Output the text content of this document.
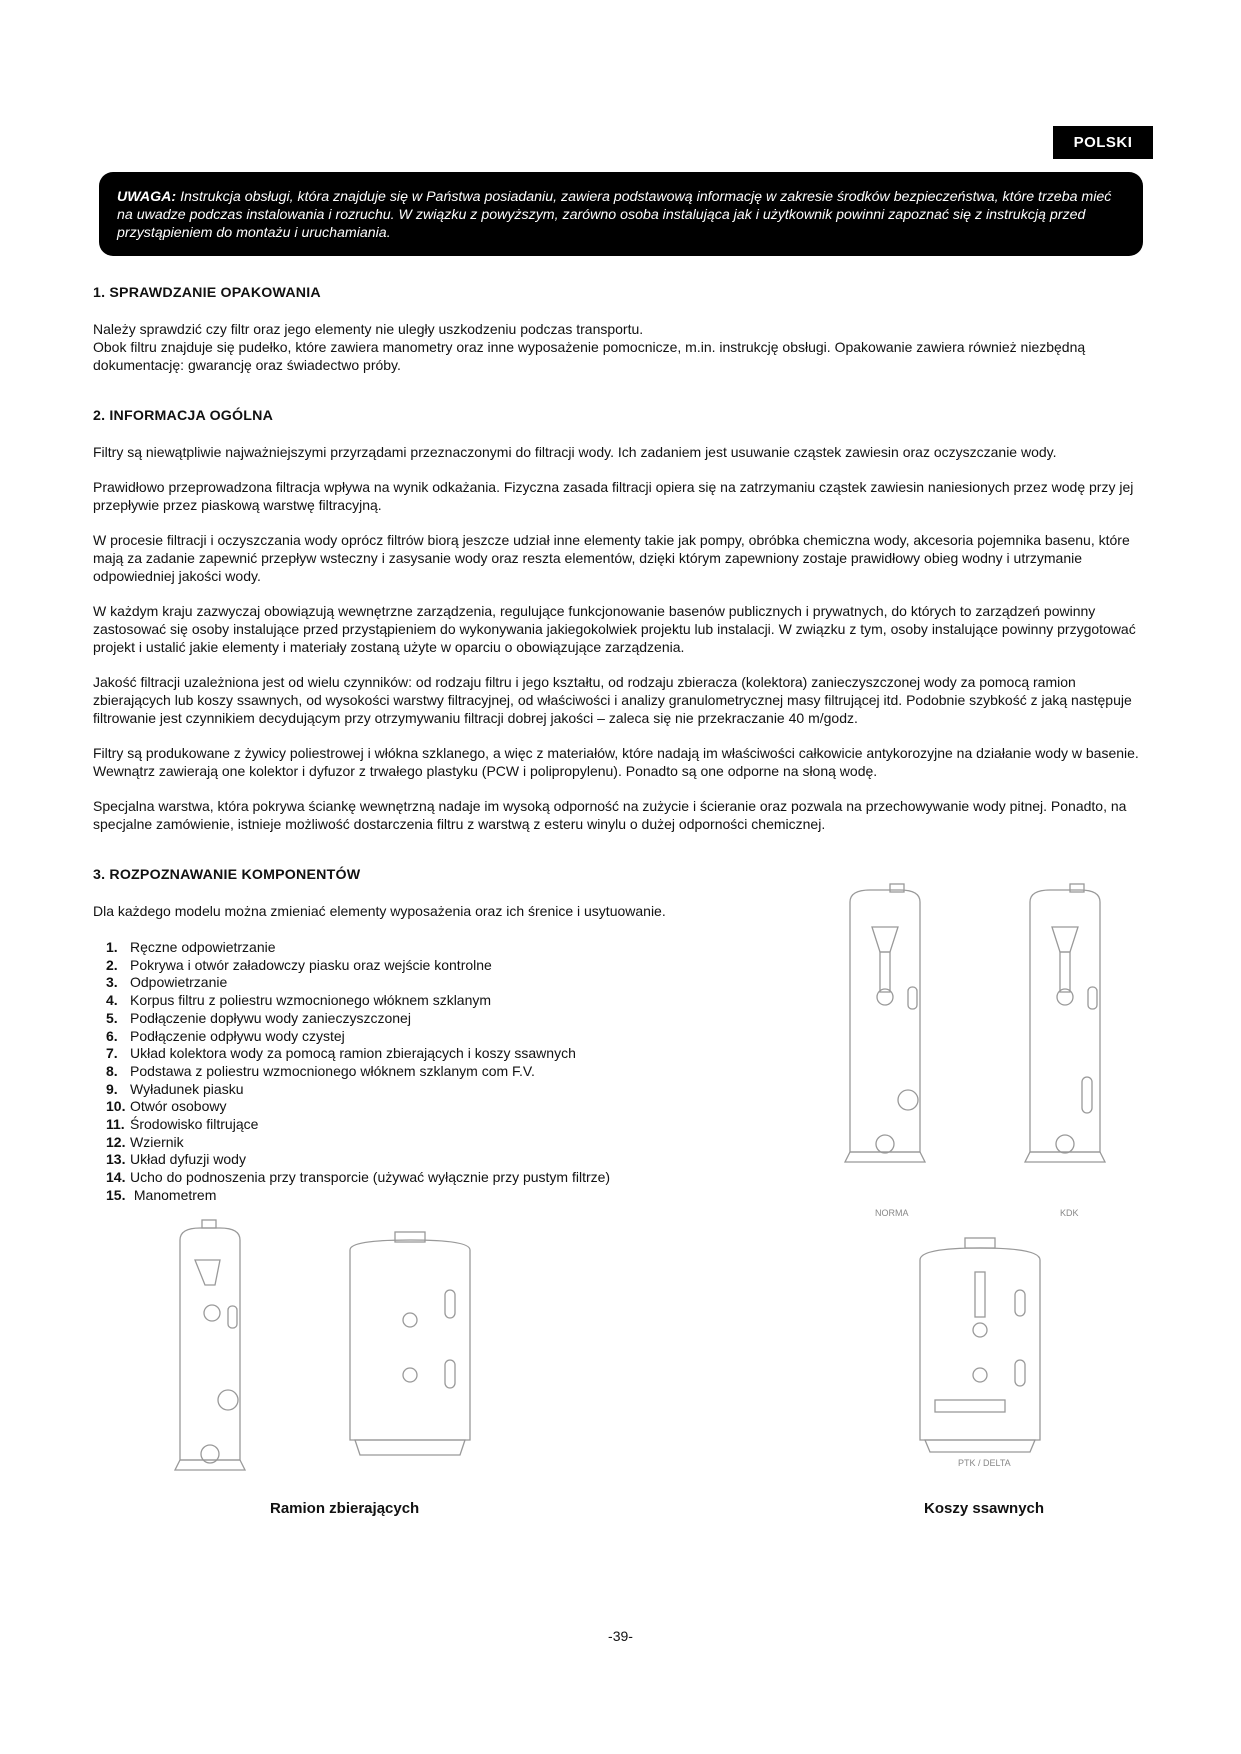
POLSKI
UWAGA: Instrukcja obsługi, która znajduje się w Państwa posiadaniu, zawiera podstawową informację w zakresie środków bezpieczeństwa, które trzeba mieć na uwadze podczas instalowania i rozruchu. W związku z powyższym, zarówno osoba instalująca jak i użytkownik powinni zapoznać się z instrukcją przed przystąpieniem do montażu i uruchamiania.
1. SPRAWDZANIE OPAKOWANIA
Należy sprawdzić czy filtr oraz jego elementy nie uległy uszkodzeniu podczas transportu.
Obok filtru znajduje się pudełko, które zawiera manometry oraz inne wyposażenie pomocnicze, m.in. instrukcję obsługi. Opakowanie zawiera również niezbędną dokumentację: gwarancję oraz świadectwo próby.
2. INFORMACJA OGÓLNA
Filtry są niewątpliwie najważniejszymi przyrządami przeznaczonymi do filtracji wody. Ich zadaniem jest usuwanie cząstek zawiesin oraz oczyszczanie wody.
Prawidłowo przeprowadzona filtracja wpływa na wynik odkażania. Fizyczna zasada filtracji opiera się na zatrzymaniu cząstek zawiesin naniesionych przez wodę przy jej przepływie przez piaskową warstwę filtracyjną.
W procesie filtracji i oczyszczania wody oprócz filtrów biorą jeszcze udział inne elementy takie jak pompy, obróbka chemiczna wody, akcesoria pojemnika basenu, które mają za zadanie zapewnić przepływ wsteczny i zasysanie wody oraz reszta elementów, dzięki którym zapewniony zostaje prawidłowy obieg wodny i utrzymanie odpowiedniej jakości wody.
W każdym kraju zazwyczaj obowiązują wewnętrzne zarządzenia, regulujące funkcjonowanie basenów publicznych i prywatnych, do których to zarządzeń powinny zastosować się osoby instalujące przed przystąpieniem do wykonywania jakiegokolwiek projektu lub instalacji. W związku z tym, osoby instalujące powinny przygotować projekt i ustalić jakie elementy i materiały zostaną użyte w oparciu o obowiązujące zarządzenia.
Jakość filtracji uzależniona jest od wielu czynników: od rodzaju filtru i jego kształtu, od rodzaju zbieracza (kolektora) zanieczyszczonej wody za pomocą ramion zbierających lub koszy ssawnych, od wysokości warstwy filtracyjnej, od właściwości i analizy granulometrycznej masy filtrującej itd. Podobnie szybkość z jaką następuje filtrowanie jest czynnikiem decydującym przy otrzymywaniu filtracji dobrej jakości – zaleca się nie przekraczanie 40 m/godz.
Filtry są produkowane z żywicy poliestrowej i włókna szklanego, a więc z materiałów, które nadają im właściwości całkowicie antykorozyjne na działanie wody w basenie. Wewnątrz zawierają one kolektor i dyfuzor z trwałego plastyku (PCW i polipropylenu). Ponadto są one odporne na słoną wodę.
Specjalna warstwa, która pokrywa ściankę wewnętrzną nadaje im wysoką odporność na zużycie i ścieranie oraz pozwala na przechowywanie wody pitnej. Ponadto, na specjalne zamówienie, istnieje możliwość dostarczenia filtru z warstwą z esteru winylu o dużej odporności chemicznej.
3. ROZPOZNAWANIE KOMPONENTÓW
Dla każdego modelu można zmieniać elementy wyposażenia oraz ich śrenice i usytuowanie.
1. Ręczne odpowietrzanie
2. Pokrywa i otwór załadowczy piasku oraz wejście kontrolne
3. Odpowietrzanie
4. Korpus filtru z poliestru wzmocnionego włóknem szklanym
5. Podłączenie dopływu wody zanieczyszczonej
6. Podłączenie odpływu wody czystej
7. Układ kolektora wody za pomocą ramion zbierających i koszy ssawnych
8. Podstawa z poliestru wzmocnionego włóknem szklanym com F.V.
9. Wyładunek piasku
10. Otwór osobowy
11. Środowisko filtrujące
12. Wziernik
13. Układ dyfuzji wody
14. Ucho do podnoszenia przy transporcie (używać wyłącznie przy pustym filtrze)
15. Manometrem
NORMA	KDK
PTK / DELTA
Ramion zbierających	Koszy ssawnych
-39-
